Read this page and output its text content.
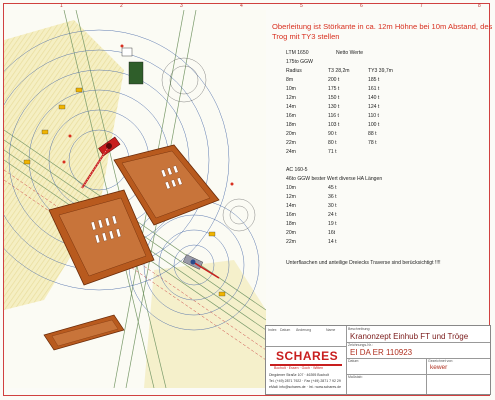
1	2	3	4	5	6	7	8
Oberleitung ist Störkante in ca. 12m Höhne bei 10m Abstand, des
Trog mit TY3 stellen
LTM 1650	Netto Werte
175to GGW
Radius	T3 28,2m	TY3 39,7m
8m	200 t	185 t
10m	175 t	161 t
12m	150 t	140 t
14m	130 t	124 t
16m	116 t	110 t
18m	103 t	100 t
20m	90 t	88 t
22m	80 t	78 t
24m	71 t
AC 160-5
46to GGW bester Wert diverse HA Längen
10m	45 t
12m	36 t
14m	30 t
16m	24 t
18m	19 t
20m	16t
22m	14 t
Unterflaschen und anteilige Dreiecks Traverse sind berücksichtigt !!!!
Index Datum Änderung	Name	Beschreibung:
Kranonzept Einhub FT und Tröge
Zeichnungs-Nr.:
EI DA ER 110923
Datum:	Gezeichnet von:
kewer
Maßstab:
SCHARES
Bocholt · Essen · Goch · Witten
Dingdener Straße 107 · 46395 Bocholt
Tel. (+49) 2871 7922 · Fax (+49) 2871 7 92 29
eMail: info@schares.de · Int.: www.schares.de
